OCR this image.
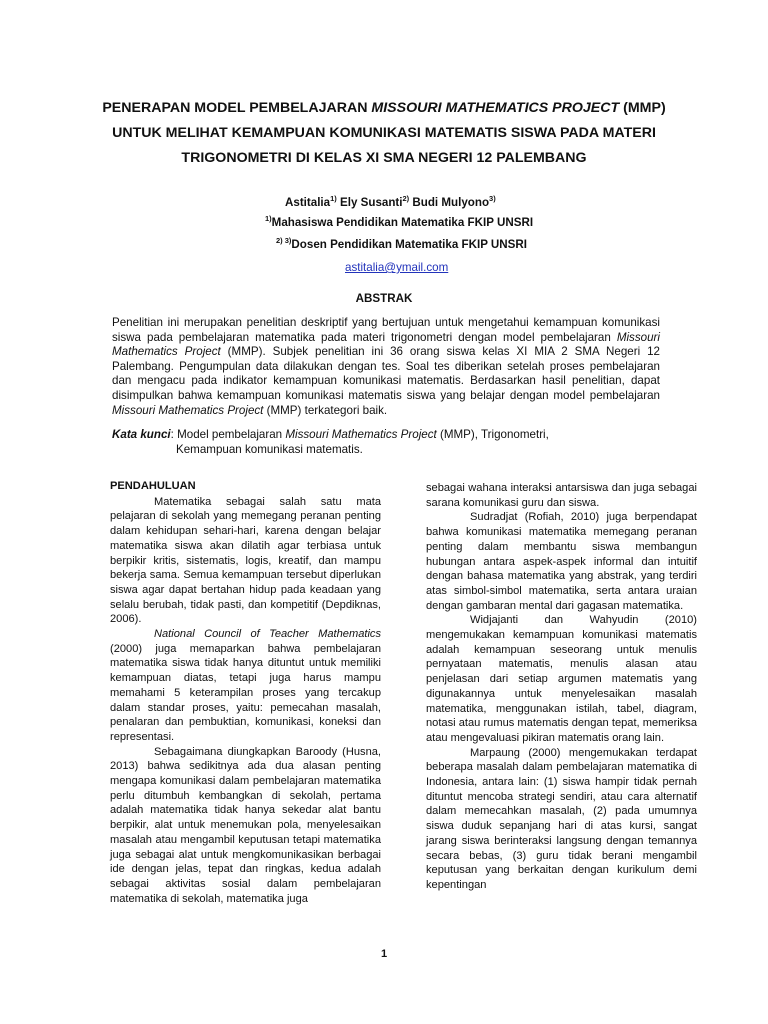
PENERAPAN MODEL PEMBELAJARAN MISSOURI MATHEMATICS PROJECT (MMP)
UNTUK MELIHAT KEMAMPUAN KOMUNIKASI MATEMATIS SISWA PADA MATERI
TRIGONOMETRI DI KELAS XI SMA NEGERI 12 PALEMBANG
Astitalia$^{1)}$ Ely Susanti$^{2)}$ Budi Mulyono$^{3)}$
$^{1)}$Mahasiswa Pendidikan Matematika FKIP UNSRI
$^{2) 3)}$Dosen Pendidikan Matematika FKIP UNSRI
astitalia@ymail.com
ABSTRAK

Penelitian ini merupakan penelitian deskriptif yang bertujuan untuk mengetahui kemampuan komunikasi siswa pada pembelajaran matematika pada materi trigonometri dengan model pembelajaran Missouri Mathematics Project (MMP). Subjek penelitian ini 36 orang siswa kelas XI MIA 2 SMA Negeri 12 Palembang. Pengumpulan data dilakukan dengan tes. Soal tes diberikan setelah proses pembelajaran dan mengacu pada indikator kemampuan komunikasi matematis. Berdasarkan hasil penelitian, dapat disimpulkan bahwa kemampuan komunikasi matematis siswa yang belajar dengan model pembelajaran Missouri Mathematics Project (MMP) terkategori baik.

Kata kunci: Model pembelajaran Missouri Mathematics Project (MMP), Trigonometri,
Kemampuan komunikasi matematis.

PENDAHULUAN

Matematika sebagai salah satu mata pelajaran di sekolah yang memegang peranan penting dalam kehidupan sehari-hari, karena dengan belajar matematika siswa akan dilatih agar terbiasa untuk berpikir kritis, sistematis, logis, kreatif, dan mampu bekerja sama. Semua kemampuan tersebut diperlukan siswa agar dapat bertahan hidup pada keadaan yang selalu berubah, tidak pasti, dan kompetitif (Depdiknas, 2006).

National Council of Teacher Mathematics (2000) juga memaparkan bahwa pembelajaran matematika siswa tidak hanya dituntut untuk memiliki kemampuan diatas, tetapi juga harus mampu memahami 5 keterampilan proses yang tercakup dalam standar proses, yaitu: pemecahan masalah, penalaran dan pembuktian, komunikasi, koneksi dan representasi.

Sebagaimana diungkapkan Baroody (Husna, 2013) bahwa sedikitnya ada dua alasan penting mengapa komunikasi dalam pembelajaran matematika perlu ditumbuh kembangkan di sekolah, pertama adalah matematika tidak hanya sekedar alat bantu berpikir, alat untuk menemukan pola, menyelesaikan masalah atau mengambil keputusan tetapi matematika juga sebagai alat untuk mengkomunikasikan berbagai ide dengan jelas, tepat dan ringkas, kedua adalah sebagai aktivitas sosial dalam pembelajaran matematika di sekolah, matematika juga

sebagai wahana interaksi antarsiswa dan juga sebagai sarana komunikasi guru dan siswa.

Sudradjat (Rofiah, 2010) juga berpendapat bahwa komunikasi matematika memegang peranan penting dalam membantu siswa membangun hubungan antara aspek-aspek informal dan intuitif dengan bahasa matematika yang abstrak, yang terdiri atas simbol-simbol matematika, serta antara uraian dengan gambaran mental dari gagasan matematika.

Widjajanti dan Wahyudin (2010) mengemukakan kemampuan komunikasi matematis adalah kemampuan seseorang untuk menulis pernyataan matematis, menulis alasan atau penjelasan dari setiap argumen matematis yang digunakannya untuk menyelesaikan masalah matematika, menggunakan istilah, tabel, diagram, notasi atau rumus matematis dengan tepat, memeriksa atau mengevaluasi pikiran matematis orang lain.

Marpaung (2000) mengemukakan terdapat beberapa masalah dalam pembelajaran matematika di Indonesia, antara lain: (1) siswa hampir tidak pernah dituntut mencoba strategi sendiri, atau cara alternatif dalam memecahkan masalah, (2) pada umumnya siswa duduk sepanjang hari di atas kursi, sangat jarang siswa berinteraksi langsung dengan temannya secara bebas, (3) guru tidak berani mengambil keputusan yang berkaitan dengan kurikulum demi kepentingan

1
